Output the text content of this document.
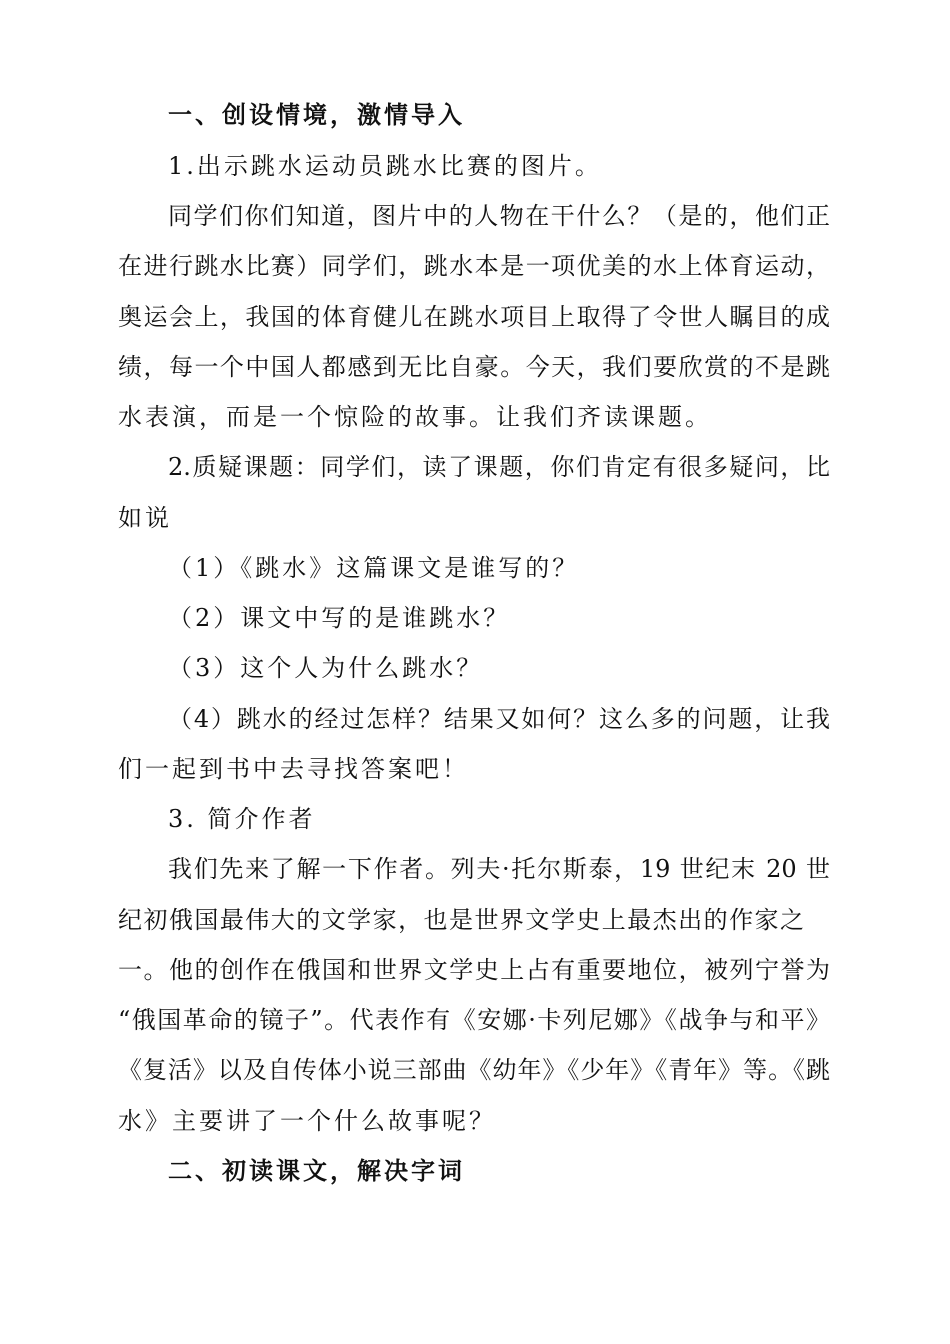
一、创设情境，激情导入
1.出示跳水运动员跳水比赛的图片。
同学们你们知道，图片中的人物在干什么？（是的，他们正
在进行跳水比赛）同学们，跳水本是一项优美的水上体育运动，
奥运会上，我国的体育健儿在跳水项目上取得了令世人瞩目的成
绩，每一个中国人都感到无比自豪。今天，我们要欣赏的不是跳
水表演，而是一个惊险的故事。让我们齐读课题。
2.质疑课题：同学们，读了课题，你们肯定有很多疑问，比
如说
（1）《跳水》这篇课文是谁写的？
（2）课文中写的是谁跳水？
（3）这个人为什么跳水？
（4）跳水的经过怎样？结果又如何？这么多的问题，让我
们一起到书中去寻找答案吧！
3. 简介作者
我们先来了解一下作者。列夫·托尔斯泰，19 世纪末 20 世
纪初俄国最伟大的文学家，也是世界文学史上最杰出的作家之
一。他的创作在俄国和世界文学史上占有重要地位，被列宁誉为
“俄国革命的镜子”。代表作有《安娜·卡列尼娜》《战争与和平》
《复活》以及自传体小说三部曲《幼年》《少年》《青年》等。《跳
水》主要讲了一个什么故事呢？
二、初读课文，解决字词
